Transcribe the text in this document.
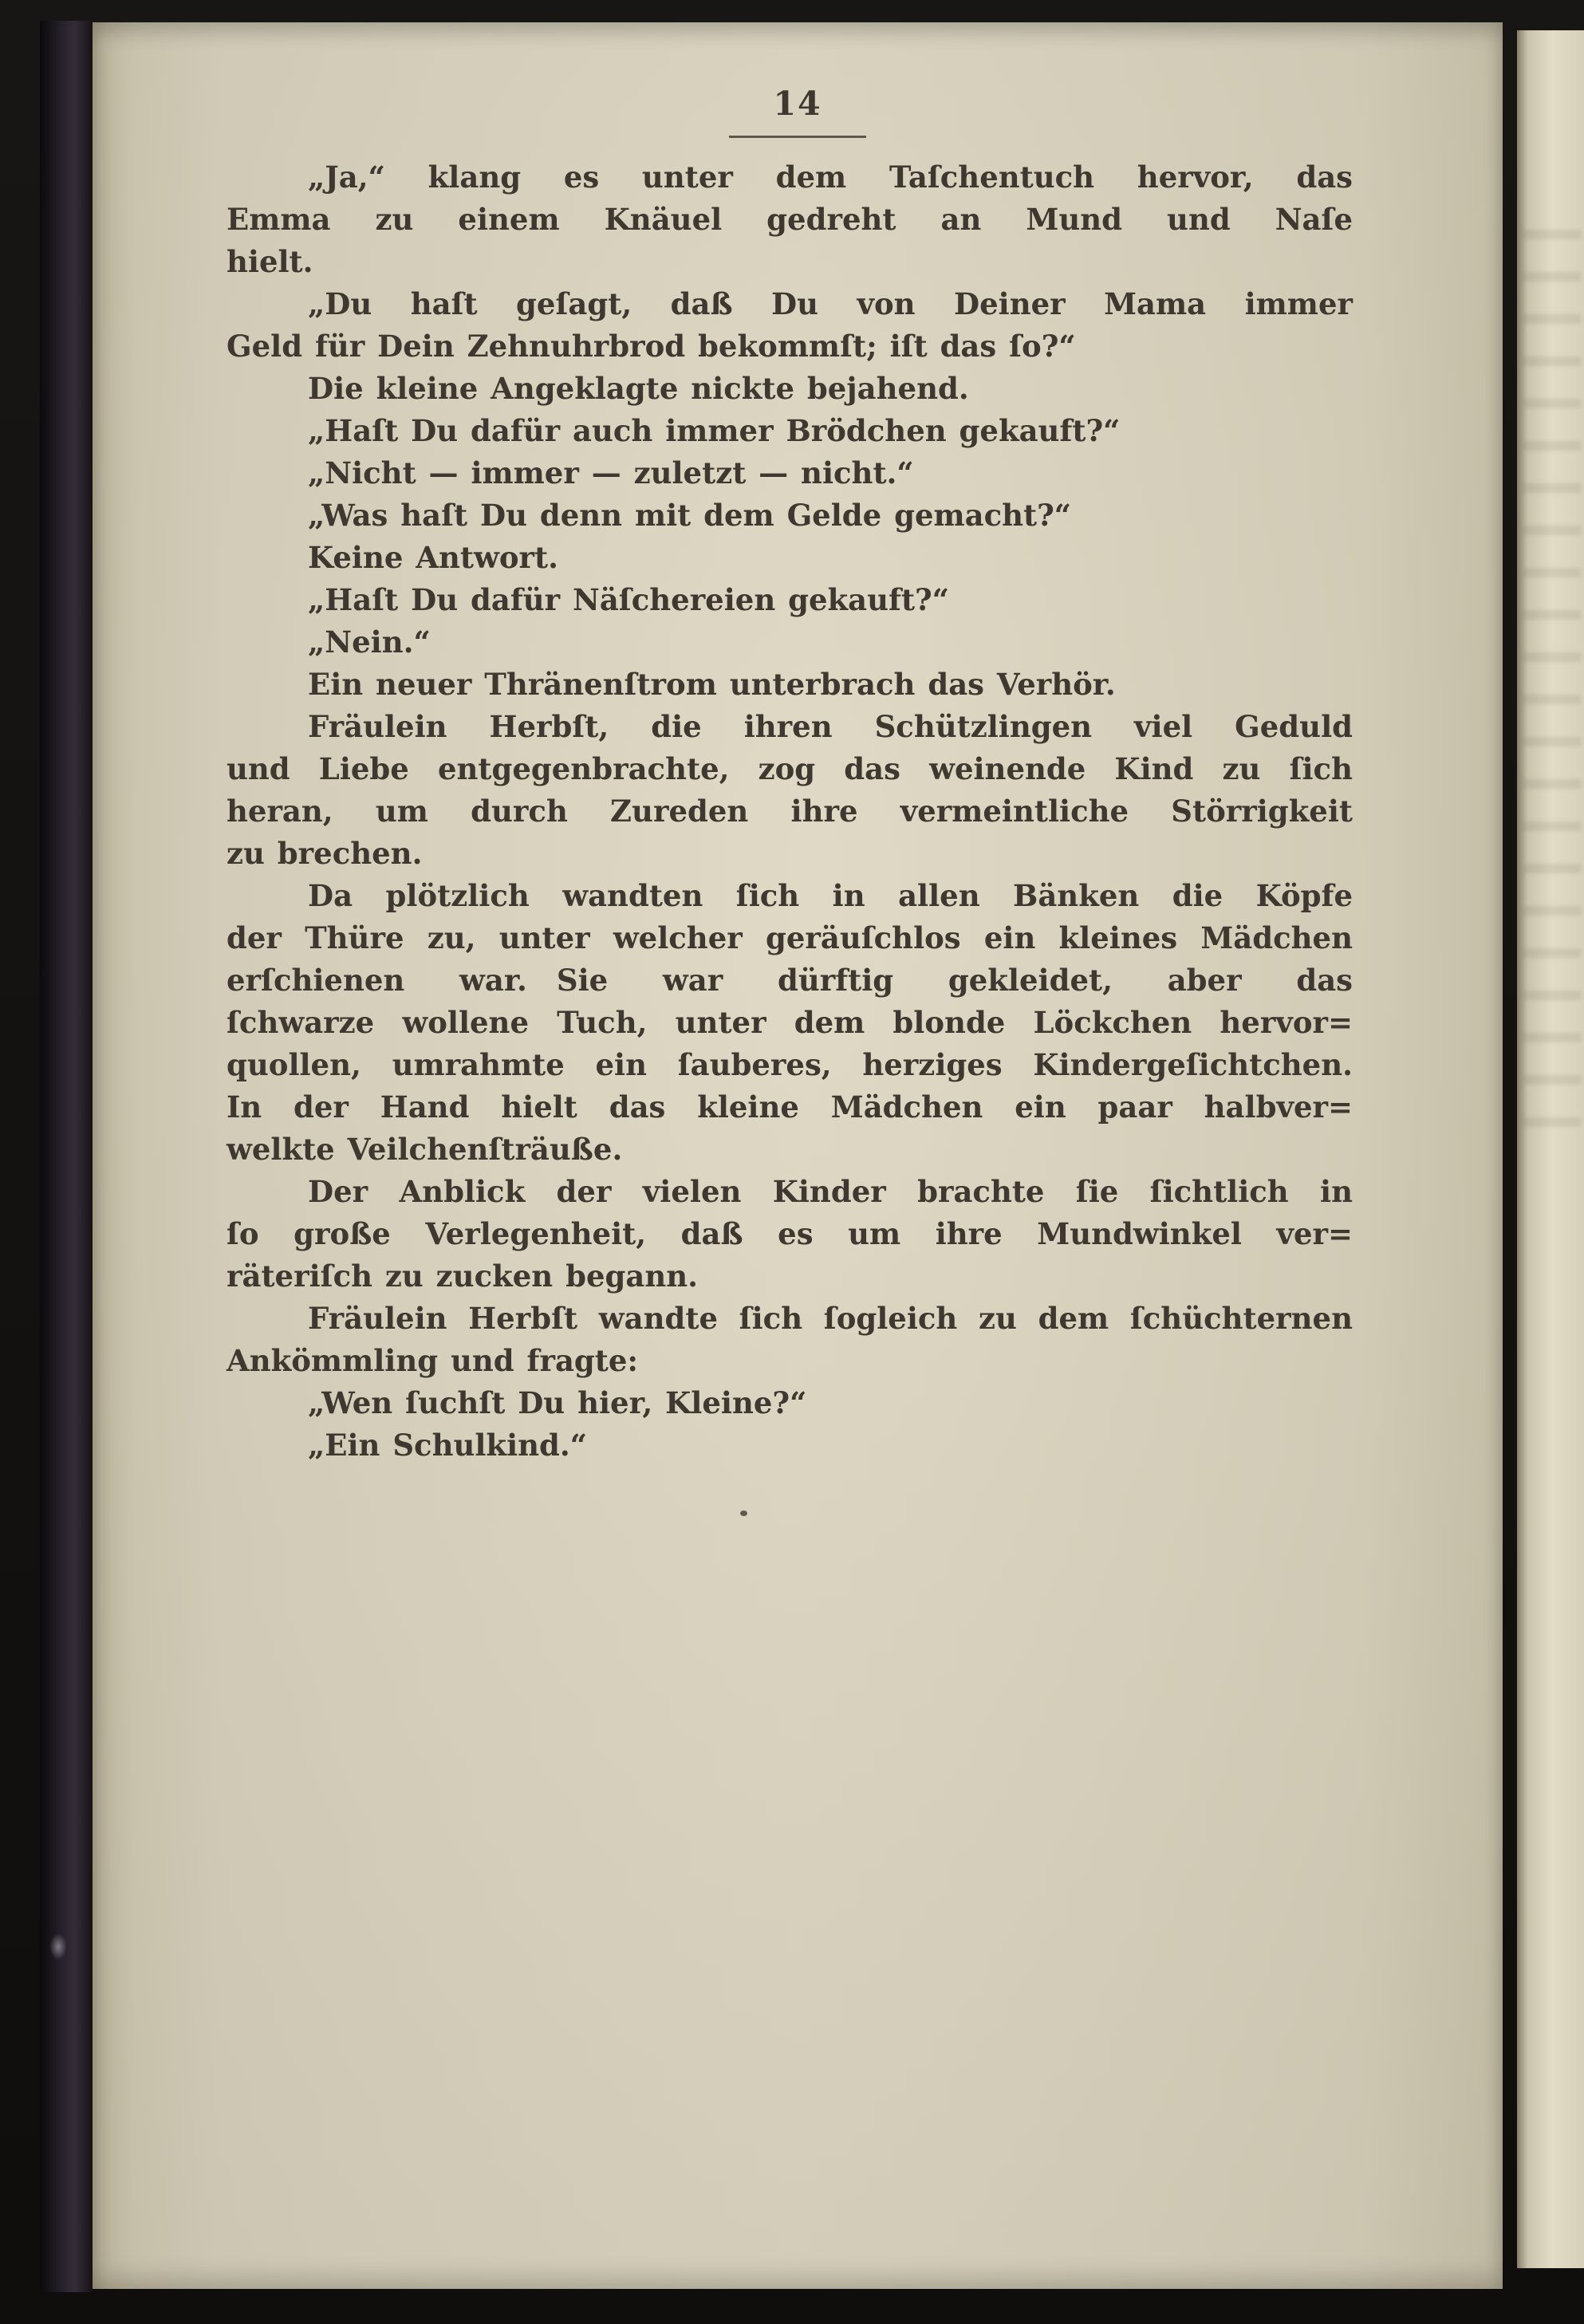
14
„Ja,“ klang es unter dem Taſchentuch hervor, das
Emma zu einem Knäuel gedreht an Mund und Naſe
hielt.
„Du haſt geſagt, daß Du von Deiner Mama immer
Geld für Dein Zehnuhrbrod bekommſt; iſt das ſo?“
Die kleine Angeklagte nickte bejahend.
„Haſt Du dafür auch immer Brödchen gekauft?“
„Nicht — immer — zuletzt — nicht.“
„Was haſt Du denn mit dem Gelde gemacht?“
Keine Antwort.
„Haſt Du dafür Näſchereien gekauft?“
„Nein.“
Ein neuer Thränenſtrom unterbrach das Verhör.
Fräulein Herbſt, die ihren Schützlingen viel Geduld
und Liebe entgegenbrachte, zog das weinende Kind zu ſich
heran, um durch Zureden ihre vermeintliche Störrigkeit
zu brechen.
Da plötzlich wandten ſich in allen Bänken die Köpfe
der Thüre zu, unter welcher geräuſchlos ein kleines Mädchen
erſchienen war. Sie war dürftig gekleidet, aber das
ſchwarze wollene Tuch, unter dem blonde Löckchen hervor=
quollen, umrahmte ein ſauberes, herziges Kindergeſichtchen.
In der Hand hielt das kleine Mädchen ein paar halbver=
welkte Veilchenſträuße.
Der Anblick der vielen Kinder brachte ſie ſichtlich in
ſo große Verlegenheit, daß es um ihre Mundwinkel ver=
räteriſch zu zucken begann.
Fräulein Herbſt wandte ſich ſogleich zu dem ſchüchternen
Ankömmling und fragte:
„Wen ſuchſt Du hier, Kleine?“
„Ein Schulkind.“
